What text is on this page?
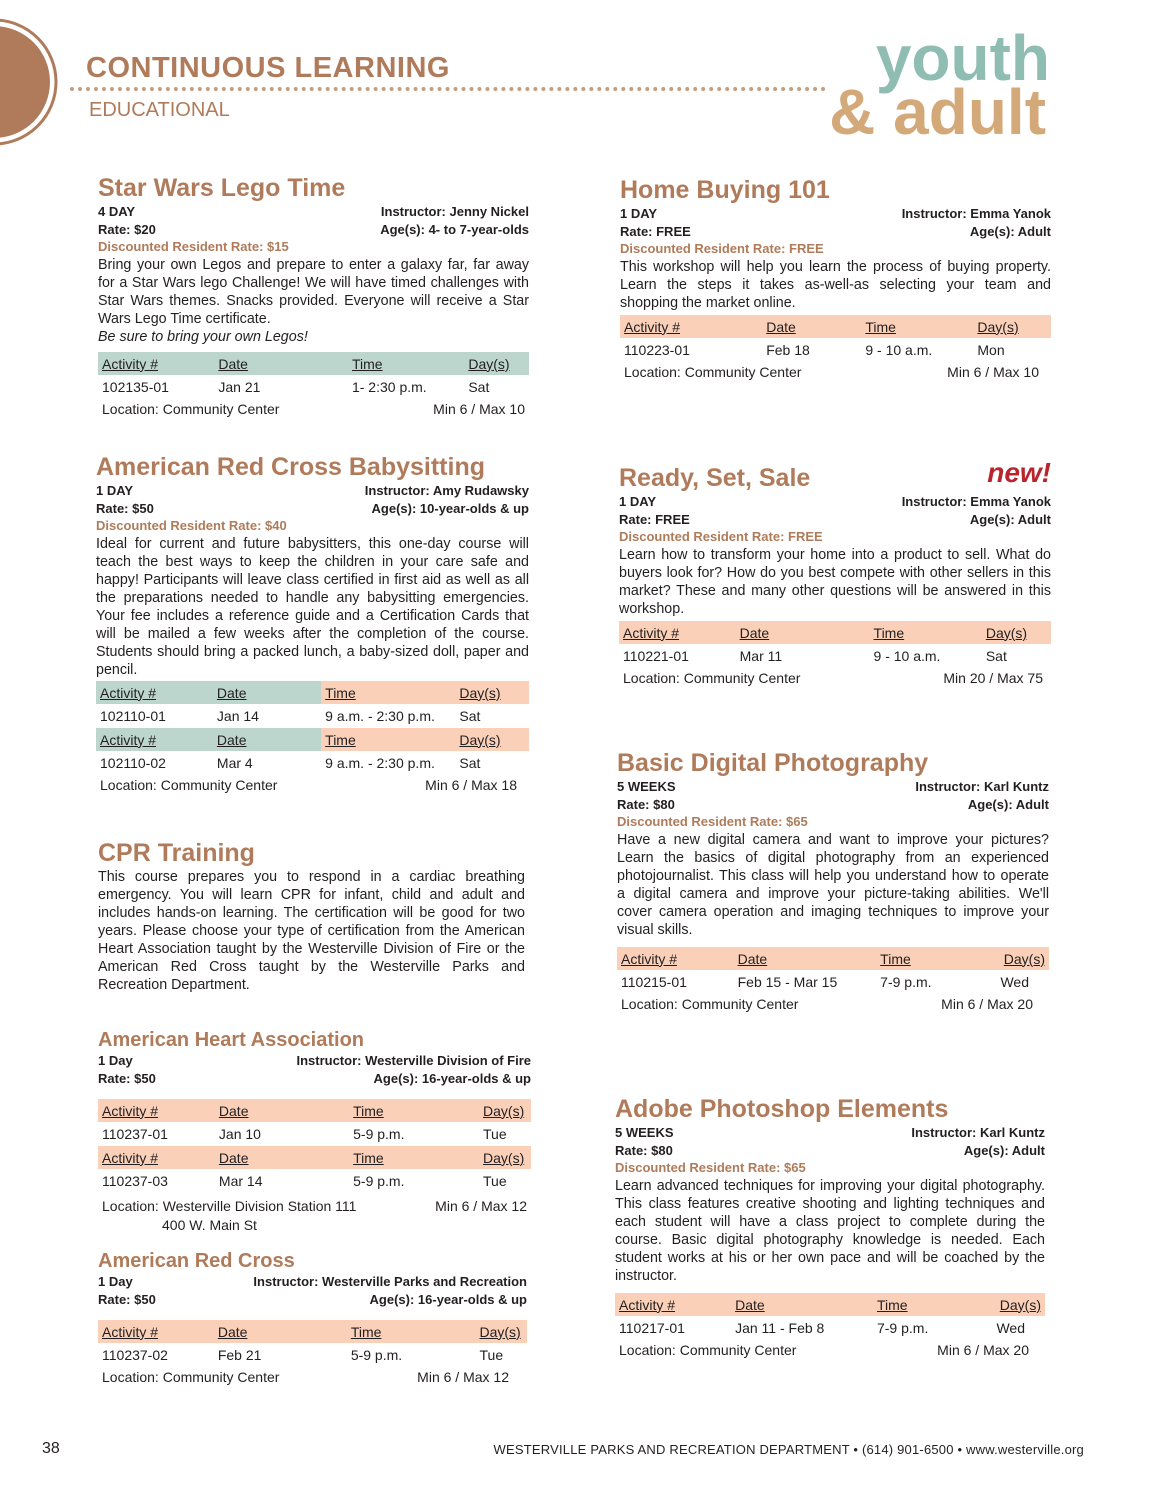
CONTINUOUS LEARNING
EDUCATIONAL
youth
& adult
Star Wars Lego Time
4 DAY	Instructor: Jenny Nickel
Rate: $20	Age(s): 4- to 7-year-olds
Discounted Resident Rate: $15
Bring your own Legos and prepare to enter a galaxy far, far away for a Star Wars lego Challenge! We will have timed challenges with Star Wars themes. Snacks provided. Everyone will receive a Star Wars Lego Time certificate.
Be sure to bring your own Legos!
Activity #	Date	Time	Day(s)
102135-01	Jan 21	1- 2:30 p.m.	Sat
Location: Community Center	Min 6 / Max 10
American Red Cross Babysitting
1 DAY	Instructor: Amy Rudawsky
Rate: $50	Age(s): 10-year-olds & up
Discounted Resident Rate: $40
Ideal for current and future babysitters, this one-day course will teach the best ways to keep the children in your care safe and happy! Participants will leave class certified in first aid as well as all the preparations needed to handle any babysitting emergencies. Your fee includes a reference guide and a Certification Cards that will be mailed a few weeks after the completion of the course. Students should bring a packed lunch, a baby-sized doll, paper and pencil.
Activity #	Date	Time	Day(s)
102110-01	Jan 14	9 a.m. - 2:30 p.m.	Sat
Activity #	Date	Time	Day(s)
102110-02	Mar 4	9 a.m. - 2:30 p.m.	Sat
Location: Community Center	Min 6 / Max 18
CPR Training
This course prepares you to respond in a cardiac breathing emergency. You will learn CPR for infant, child and adult and includes hands-on learning. The certification will be good for two years. Please choose your type of certification from the American Heart Association taught by the Westerville Division of Fire or the American Red Cross taught by the Westerville Parks and Recreation Department.
American Heart Association
1 Day	Instructor: Westerville Division of Fire
Rate: $50	Age(s): 16-year-olds & up
Activity #	Date	Time	Day(s)
110237-01	Jan 10	5-9 p.m.	Tue
Activity #	Date	Time	Day(s)
110237-03	Mar 14	5-9 p.m.	Tue
Location: Westerville Division Station 111	Min 6 / Max 12
400 W. Main St
American Red Cross
1 Day	Instructor: Westerville Parks and Recreation
Rate: $50	Age(s): 16-year-olds & up
Activity #	Date	Time	Day(s)
110237-02	Feb 21	5-9 p.m.	Tue
Location: Community Center	Min 6 / Max 12
Home Buying 101
1 DAY	Instructor: Emma Yanok
Rate: FREE	Age(s): Adult
Discounted Resident Rate: FREE
This workshop will help you learn the process of buying property. Learn the steps it takes as-well-as selecting your team and shopping the market online.
Activity #	Date	Time	Day(s)
110223-01	Feb 18	9 - 10 a.m.	Mon
Location: Community Center	Min 6 / Max 10
new!
Ready, Set, Sale
1 DAY	Instructor: Emma Yanok
Rate: FREE	Age(s): Adult
Discounted Resident Rate: FREE
Learn how to transform your home into a product to sell. What do buyers look for? How do you best compete with other sellers in this market? These and many other questions will be answered in this workshop.
Activity #	Date	Time	Day(s)
110221-01	Mar 11	9 - 10 a.m.	Sat
Location: Community Center	Min 20 / Max 75
Basic Digital Photography
5 WEEKS	Instructor: Karl Kuntz
Rate: $80	Age(s): Adult
Discounted Resident Rate: $65
Have a new digital camera and want to improve your pictures? Learn the basics of digital photography from an experienced photojournalist. This class will help you understand how to operate a digital camera and improve your picture-taking abilities. We'll cover camera operation and imaging techniques to improve your visual skills.
Activity #	Date	Time	Day(s)
110215-01	Feb 15 - Mar 15	7-9 p.m.	Wed
Location: Community Center	Min 6 / Max 20
Adobe Photoshop Elements
5 WEEKS	Instructor: Karl Kuntz
Rate: $80	Age(s): Adult
Discounted Resident Rate: $65
Learn advanced techniques for improving your digital photography. This class features creative shooting and lighting techniques and each student will have a class project to complete during the course. Basic digital photography knowledge is needed. Each student works at his or her own pace and will be coached by the instructor.
Activity #	Date	Time	Day(s)
110217-01	Jan 11 - Feb 8	7-9 p.m.	Wed
Location: Community Center	Min 6 / Max 20
38	WESTERVILLE PARKS AND RECREATION DEPARTMENT • (614) 901-6500 • www.westerville.org
